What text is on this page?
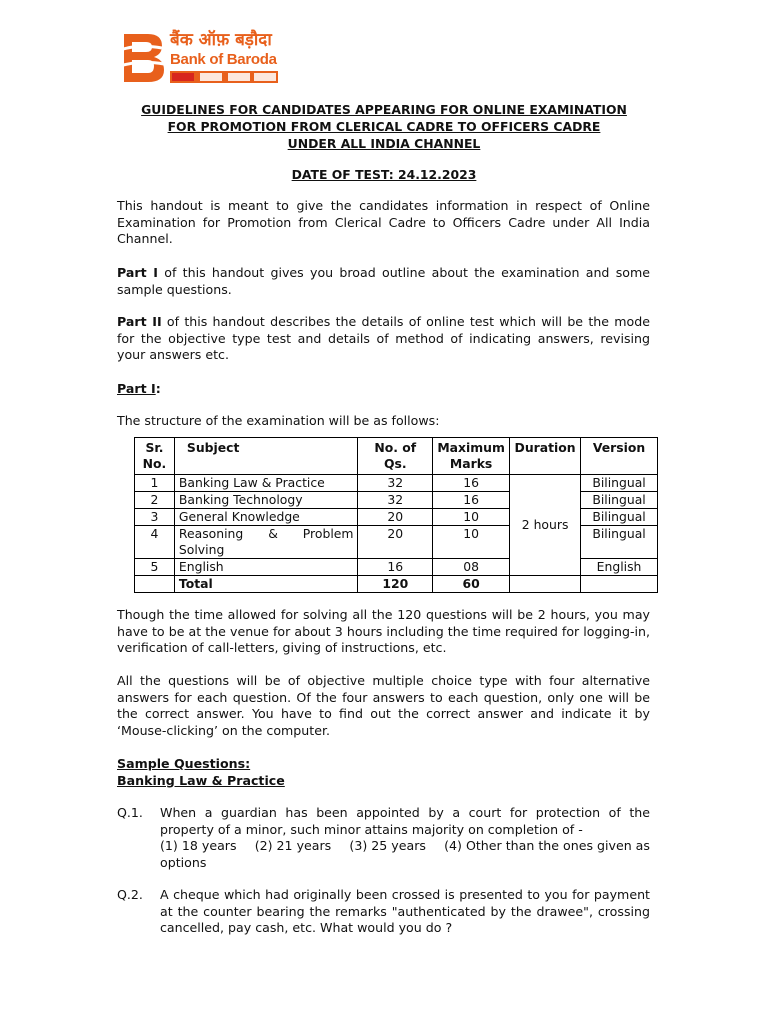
बैंक ऑफ़ बड़ौदा
Bank of Baroda
GUIDELINES FOR CANDIDATES APPEARING FOR ONLINE EXAMINATION
FOR PROMOTION FROM CLERICAL CADRE TO OFFICERS CADRE
UNDER ALL INDIA CHANNEL
DATE OF TEST: 24.12.2023
This handout is meant to give the candidates information in respect of Online Examination for Promotion from Clerical Cadre to Officers Cadre under All India Channel.
Part I of this handout gives you broad outline about the examination and some sample questions.
Part II of this handout describes the details of online test which will be the mode for the objective type test and details of method of indicating answers, revising your answers etc.
Part I:
The structure of the examination will be as follows:
Sr. No.	Subject	No. of Qs.	Maximum Marks	Duration	Version
1	Banking Law & Practice	32	16	2 hours	Bilingual
2	Banking Technology	32	16		Bilingual
3	General Knowledge	20	10		Bilingual
4	Reasoning & Problem
Solving	20	10		Bilingual
5	English	16	08		English
	Total	120	60		
Though the time allowed for solving all the 120 questions will be 2 hours, you may have to be at the venue for about 3 hours including the time required for logging-in, verification of call-letters, giving of instructions, etc.
All the questions will be of objective multiple choice type with four alternative answers for each question. Of the four answers to each question, only one will be the correct answer. You have to find out the correct answer and indicate it by ‘Mouse-clicking’ on the computer.
Sample Questions:
Banking Law & Practice
Q.1. When a guardian has been appointed by a court for protection of the property of a minor, such minor attains majority on completion of -
(1) 18 years (2) 21 years (3) 25 years (4) Other than the ones given as
options
Q.2. A cheque which had originally been crossed is presented to you for payment at the counter bearing the remarks "authenticated by the drawee", crossing cancelled, pay cash, etc. What would you do ?
